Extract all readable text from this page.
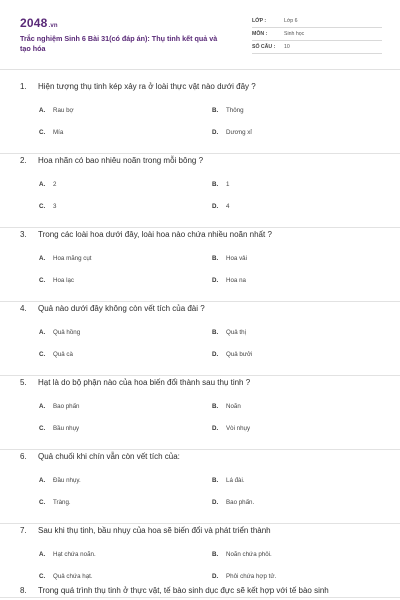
2048.vn
Trắc nghiệm Sinh 6 Bài 31(có đáp án): Thụ tinh kết quả và tạo hóa
LỚP :	Lớp 6
MÔN :	Sinh học
SỐ CÂU : 10
1. Hiện tượng thụ tinh kép xảy ra ở loài thực vật nào dưới đây ?
A. Rau bợ	B. Thông
C. Mía	D. Dương xỉ
2. Hoa nhãn có bao nhiêu noãn trong mỗi bông ?
A. 2	B. 1
C. 3	D. 4
3. Trong các loài hoa dưới đây, loài hoa nào chứa nhiều noãn nhất ?
A. Hoa măng cụt	B. Hoa vải
C. Hoa lạc	D. Hoa na
4. Quả nào dưới đây không còn vết tích của đài ?
A. Quả hồng	B. Quả thị
C. Quả cà	D. Quả bưởi
5. Hạt là do bộ phận nào của hoa biến đổi thành sau thụ tinh ?
A. Bao phấn	B. Noãn
C. Bầu nhụy	D. Vòi nhụy
6. Quả chuối khi chín vẫn còn vết tích của:
A. Đầu nhụy.	B. Lá đài.
C. Tràng.	D. Bao phấn.
7. Sau khi thụ tinh, bầu nhụy của hoa sẽ biến đổi và phát triển thành
A. Hạt chứa noãn.	B. Noãn chứa phôi.
C. Quả chứa hạt.	D. Phôi chứa hợp tử.
8. Trong quá trình thụ tinh ở thực vật, tế bào sinh dục đực sẽ kết hợp với tế bào sinh
